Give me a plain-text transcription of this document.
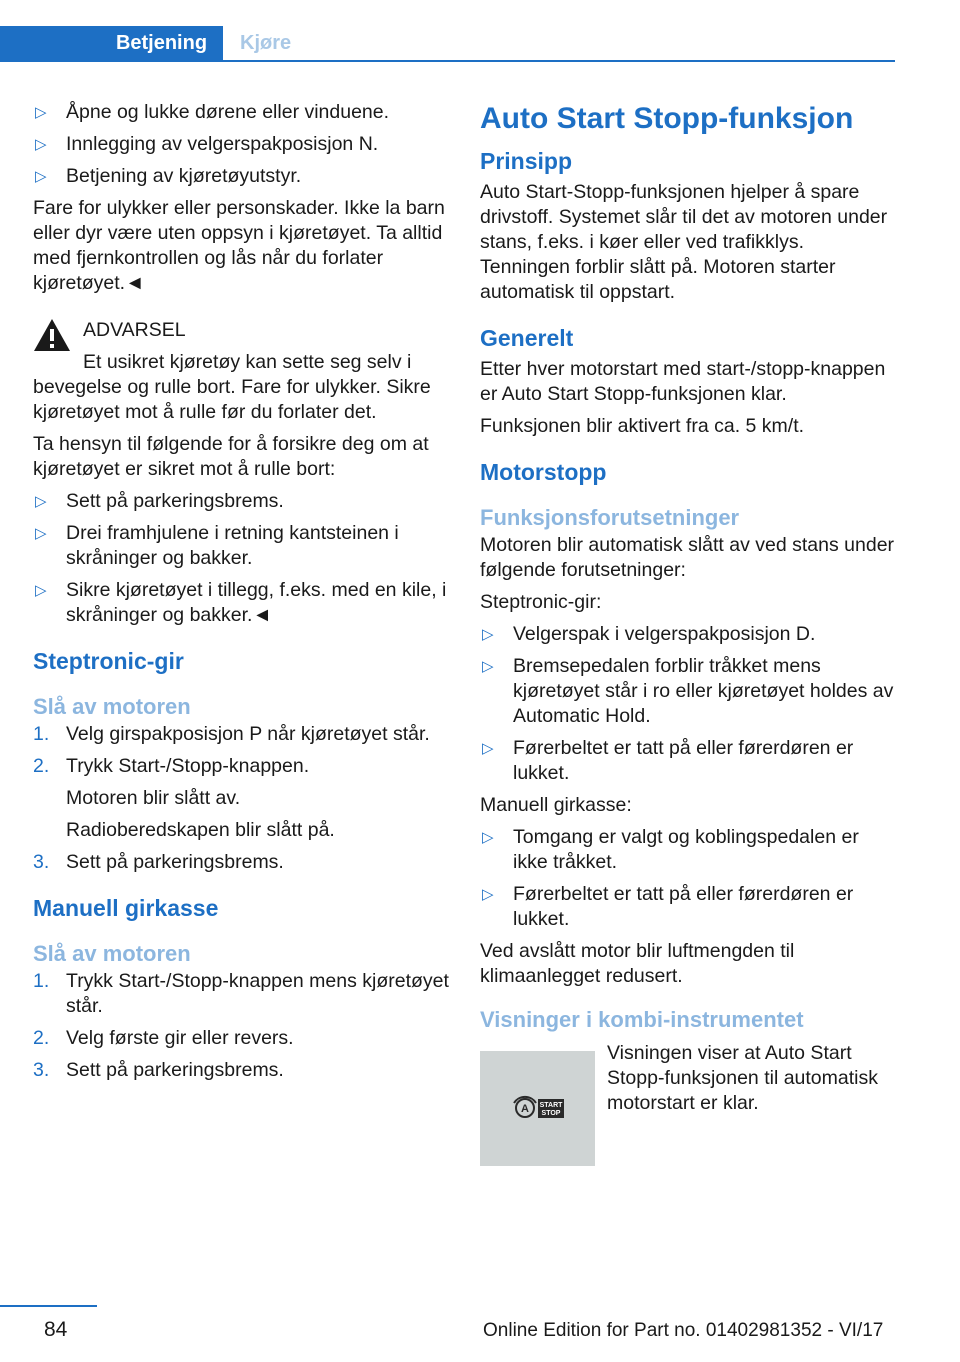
Betjening	Kjøre
▷ Åpne og lukke dørene eller vinduene.
▷ Innlegging av velgerspakposisjon N.
▷ Betjening av kjøretøyutstyr.

Fare for ulykker eller personskader. Ikke la barn eller dyr være uten oppsyn i kjøretøyet. Ta alltid med fjernkontrollen og lås når du forlater kjøretøyet.◄

ADVARSEL

Et usikret kjøretøy kan sette seg selv i

bevegelse og rulle bort. Fare for ulykker. Sikre kjøretøyet mot å rulle før du forlater det.

Ta hensyn til følgende for å forsikre deg om at kjøretøyet er sikret mot å rulle bort:

▷ Sett på parkeringsbrems.
▷ Drei framhjulene i retning kantsteinen i skråninger og bakker.
▷ Sikre kjøretøyet i tillegg, f.eks. med en kile, i skråninger og bakker.◄
Steptronic-gir
Slå av motoren
1. Velg girspakposisjon P når kjøretøyet står.
2. Trykk Start-/Stopp-knappen.

Motoren blir slått av.

Radioberedskapen blir slått på.

3. Sett på parkeringsbrems.
Manuell girkasse
Slå av motoren
1. Trykk Start-/Stopp-knappen mens kjøretøyet står.
2. Velg første gir eller revers.
3. Sett på parkeringsbrems.
Auto Start Stopp-funksjon
Prinsipp

Auto Start-Stopp-funksjonen hjelper å spare drivstoff. Systemet slår til det av motoren under stans, f.eks. i køer eller ved trafikklys. Tenningen forblir slått på. Motoren starter automatisk til oppstart.

Generelt

Etter hver motorstart med start-/stopp-knappen er Auto Start Stopp-funksjonen klar.

Funksjonen blir aktivert fra ca. 5 km/t.

Motorstopp
Funksjonsforutsetninger

Motoren blir automatisk slått av ved stans under følgende forutsetninger:

Steptronic-gir:

▷ Velgerspak i velgerspakposisjon D.
▷ Bremsepedalen forblir tråkket mens kjøretøyet står i ro eller kjøretøyet holdes av Automatic Hold.
▷ Førerbeltet er tatt på eller førerdøren er lukket.

Manuell girkasse:

▷ Tomgang er valgt og koblingspedalen er ikke tråkket.
▷ Førerbeltet er tatt på eller førerdøren er lukket.

Ved avslått motor blir luftmengden til klimaanlegget redusert.

Visninger i kombi-instrumentet
A START
STOP
Visningen viser at Auto Start Stopp-funksjonen til automatisk motorstart er klar.
84	Online Edition for Part no. 01402981352 - VI/17
